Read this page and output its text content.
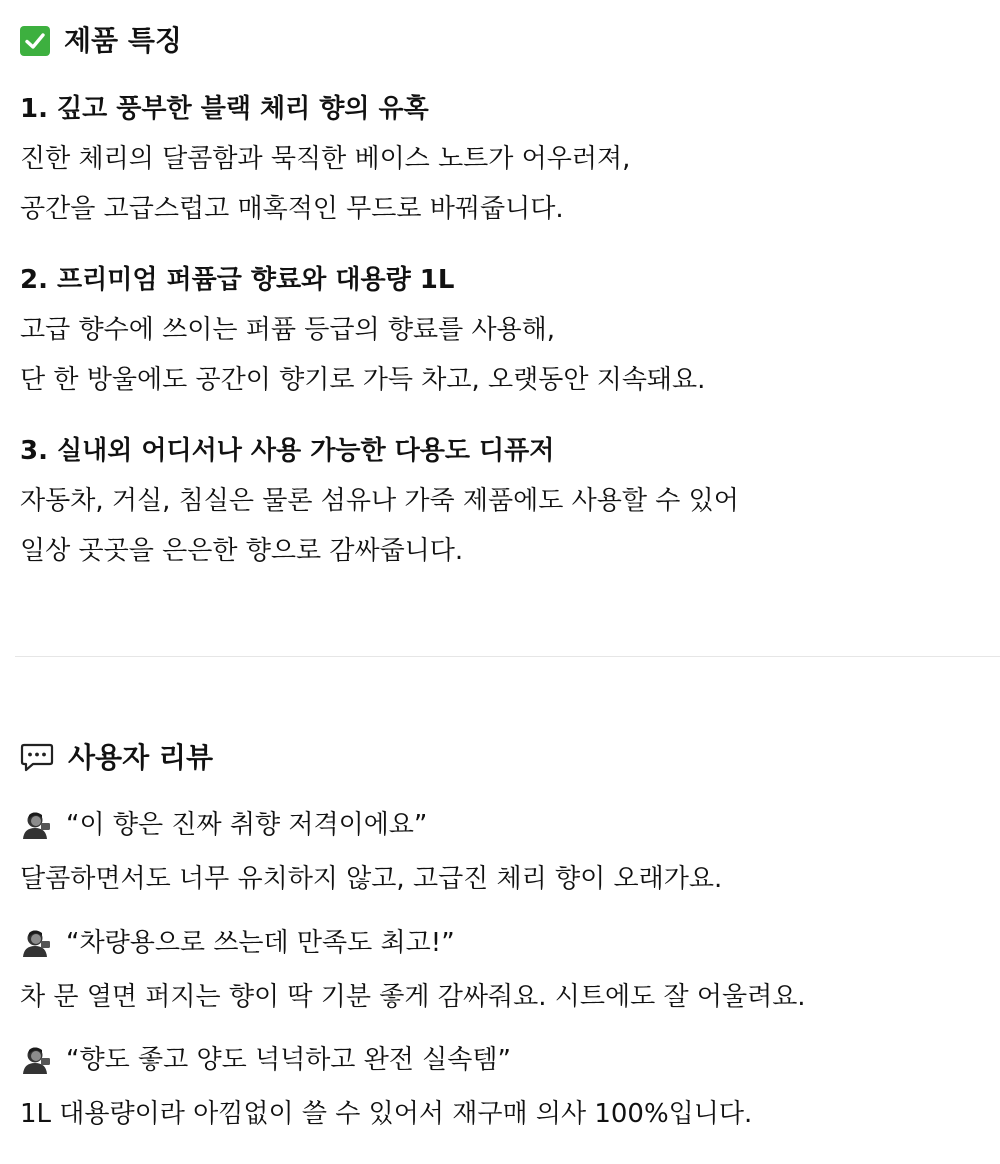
제품 특징
1. 깊고 풍부한 블랙 체리 향의 유혹
진한 체리의 달콤함과 묵직한 베이스 노트가 어우러져,
공간을 고급스럽고 매혹적인 무드로 바꿔줍니다.
2. 프리미엄 퍼퓸급 향료와 대용량 1L
고급 향수에 쓰이는 퍼퓸 등급의 향료를 사용해,
단 한 방울에도 공간이 향기로 가득 차고, 오랫동안 지속돼요.
3. 실내외 어디서나 사용 가능한 다용도 디퓨저
자동차, 거실, 침실은 물론 섬유나 가죽 제품에도 사용할 수 있어
일상 곳곳을 은은한 향으로 감싸줍니다.
사용자 리뷰
“이 향은 진짜 취향 저격이에요”
달콤하면서도 너무 유치하지 않고, 고급진 체리 향이 오래가요.
“차량용으로 쓰는데 만족도 최고!”
차 문 열면 퍼지는 향이 딱 기분 좋게 감싸줘요. 시트에도 잘 어울려요.
“향도 좋고 양도 넉넉하고 완전 실속템”
1L 대용량이라 아낌없이 쓸 수 있어서 재구매 의사 100%입니다.
